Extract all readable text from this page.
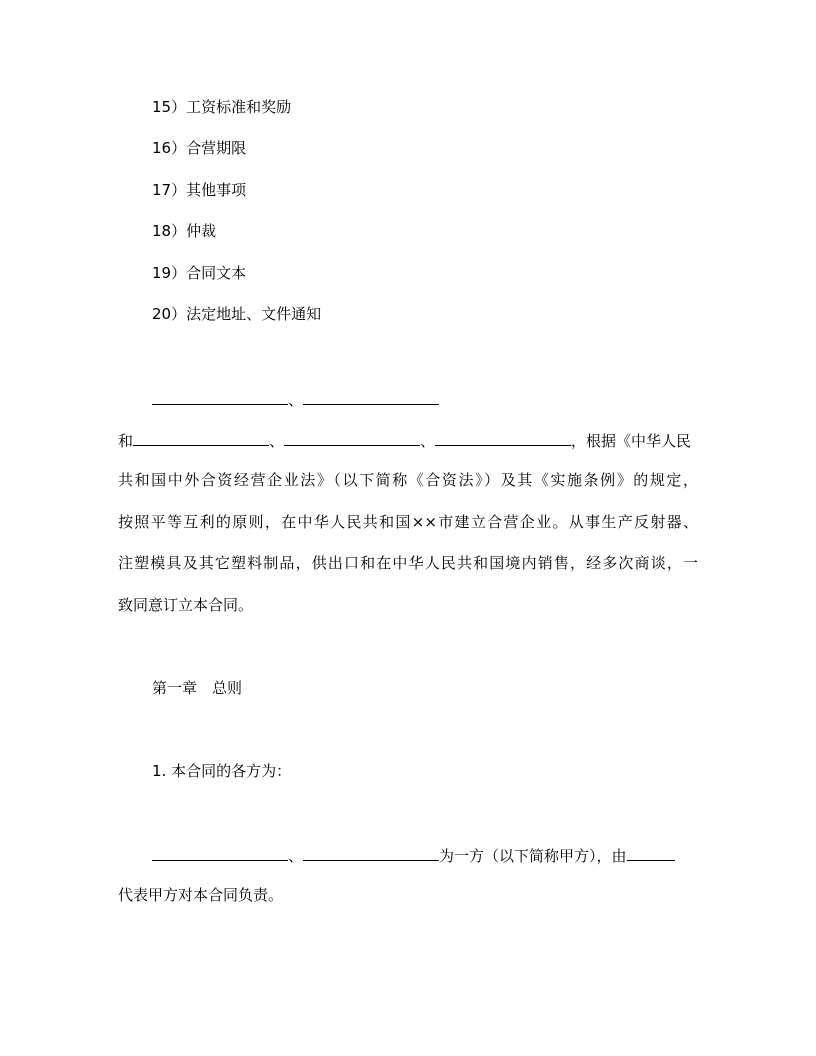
15）工资标准和奖励
16）合营期限
17）其他事项
18）仲裁
19）合同文本
20）法定地址、文件通知
、
和	、	、	，根据《中华人民
共和国中外合资经营企业法》（以下简称《合资法》）及其《实施条例》的规定，
按照平等互利的原则，在中华人民共和国××市建立合营企业。从事生产反射器、
注塑模具及其它塑料制品，供出口和在中华人民共和国境内销售，经多次商谈，一
致同意订立本合同。
第一章　总则
1. 本合同的各方为：
、	为一方（以下简称甲方），由
代表甲方对本合同负责。
